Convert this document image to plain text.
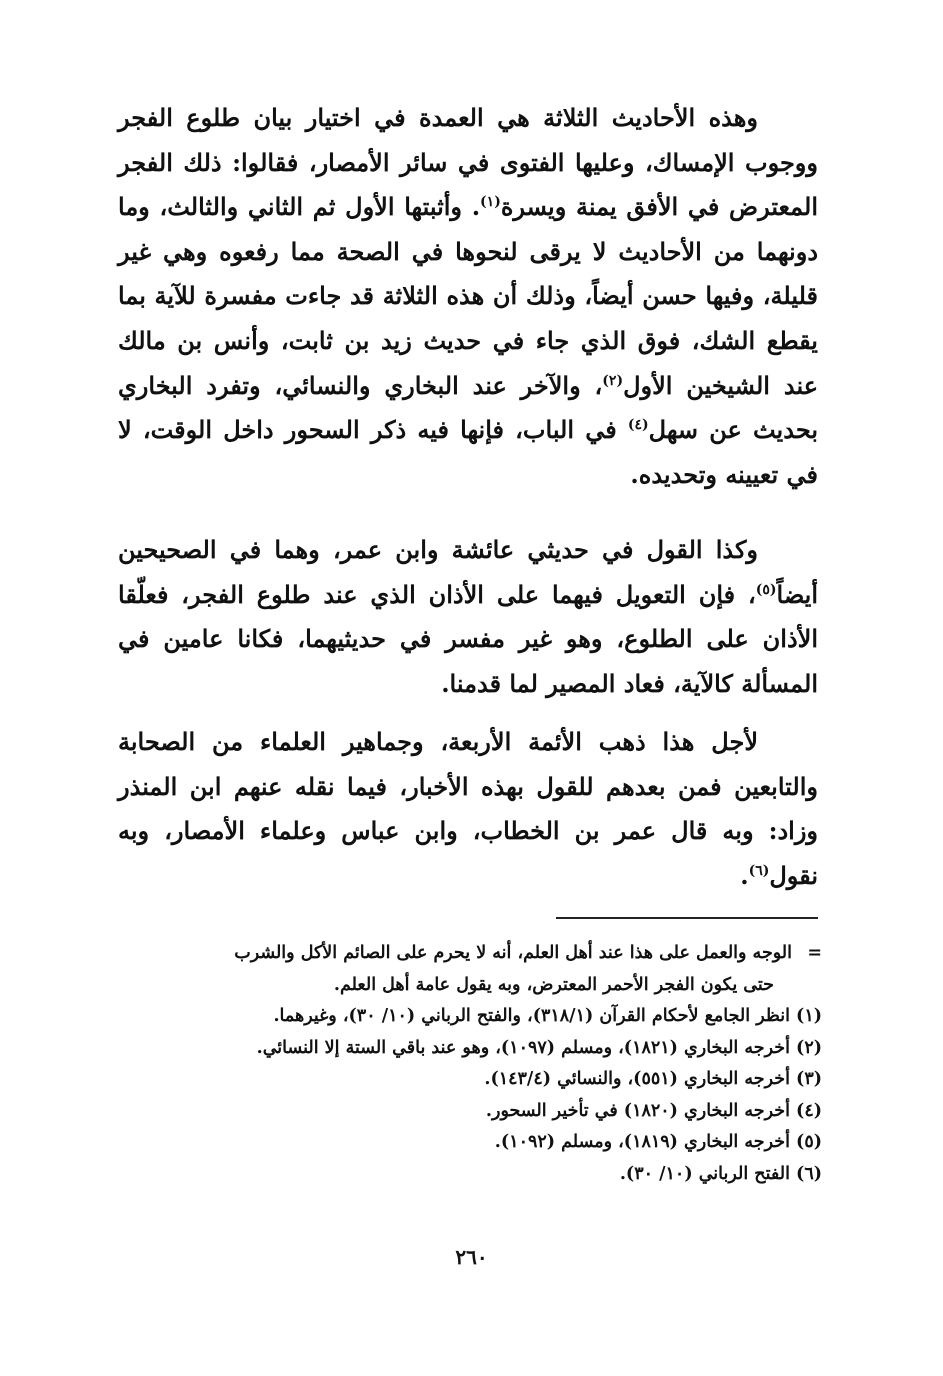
وهذه الأحاديث الثلاثة هي العمدة في اختيار بيان طلوع الفجر ووجوب الإمساك، وعليها الفتوى في سائر الأمصار، فقالوا: ذلك الفجر المعترض في الأفق يمنة ويسرة$^{(١)}$. وأثبتها الأول ثم الثاني والثالث، وما دونهما من الأحاديث لا يرقى لنحوها في الصحة مما رفعوه وهي غير قليلة، وفيها حسن أيضاً، وذلك أن هذه الثلاثة قد جاءت مفسرة للآية بما يقطع الشك، فوق الذي جاء في حديث زيد بن ثابت، وأنس بن مالك عند الشيخين الأول$^{(٢)}$، والآخر عند البخاري والنسائي، وتفرد البخاري بحديث عن سهل$^{(٤)}$ في الباب، فإنها فيه ذكر السحور داخل الوقت، لا في تعيينه وتحديده.

وكذا القول في حديثي عائشة وابن عمر، وهما في الصحيحين أيضاً$^{(٥)}$، فإن التعويل فيهما على الأذان الذي عند طلوع الفجر، فعلّقا الأذان على الطلوع، وهو غير مفسر في حديثيهما، فكانا عامين في المسألة كالآية، فعاد المصير لما قدمنا.

لأجل هذا ذهب الأئمة الأربعة، وجماهير العلماء من الصحابة والتابعين فمن بعدهم للقول بهذه الأخبار، فيما نقله عنهم ابن المنذر وزاد: وبه قال عمر بن الخطاب، وابن عباس وعلماء الأمصار، وبه نقول$^{(٦)}$.

=الوجه والعمل على هذا عند أهل العلم، أنه لا يحرم على الصائم الأكل والشرب

حتى يكون الفجر الأحمر المعترض، وبه يقول عامة أهل العلم.

(١) انظر الجامع لأحكام القرآن (٣١٨/١)، والفتح الرباني (١٠/ ٣٠)، وغيرهما.

(٢) أخرجه البخاري (١٨٢١)، ومسلم (١٠٩٧)، وهو عند باقي الستة إلا النسائي.

(٣) أخرجه البخاري (٥٥١)، والنسائي (١٤٣/٤).

(٤) أخرجه البخاري (١٨٢٠) في تأخير السحور.

(٥) أخرجه البخاري (١٨١٩)، ومسلم (١٠٩٢).

(٦) الفتح الرباني (١٠/ ٣٠).

٢٦٠
